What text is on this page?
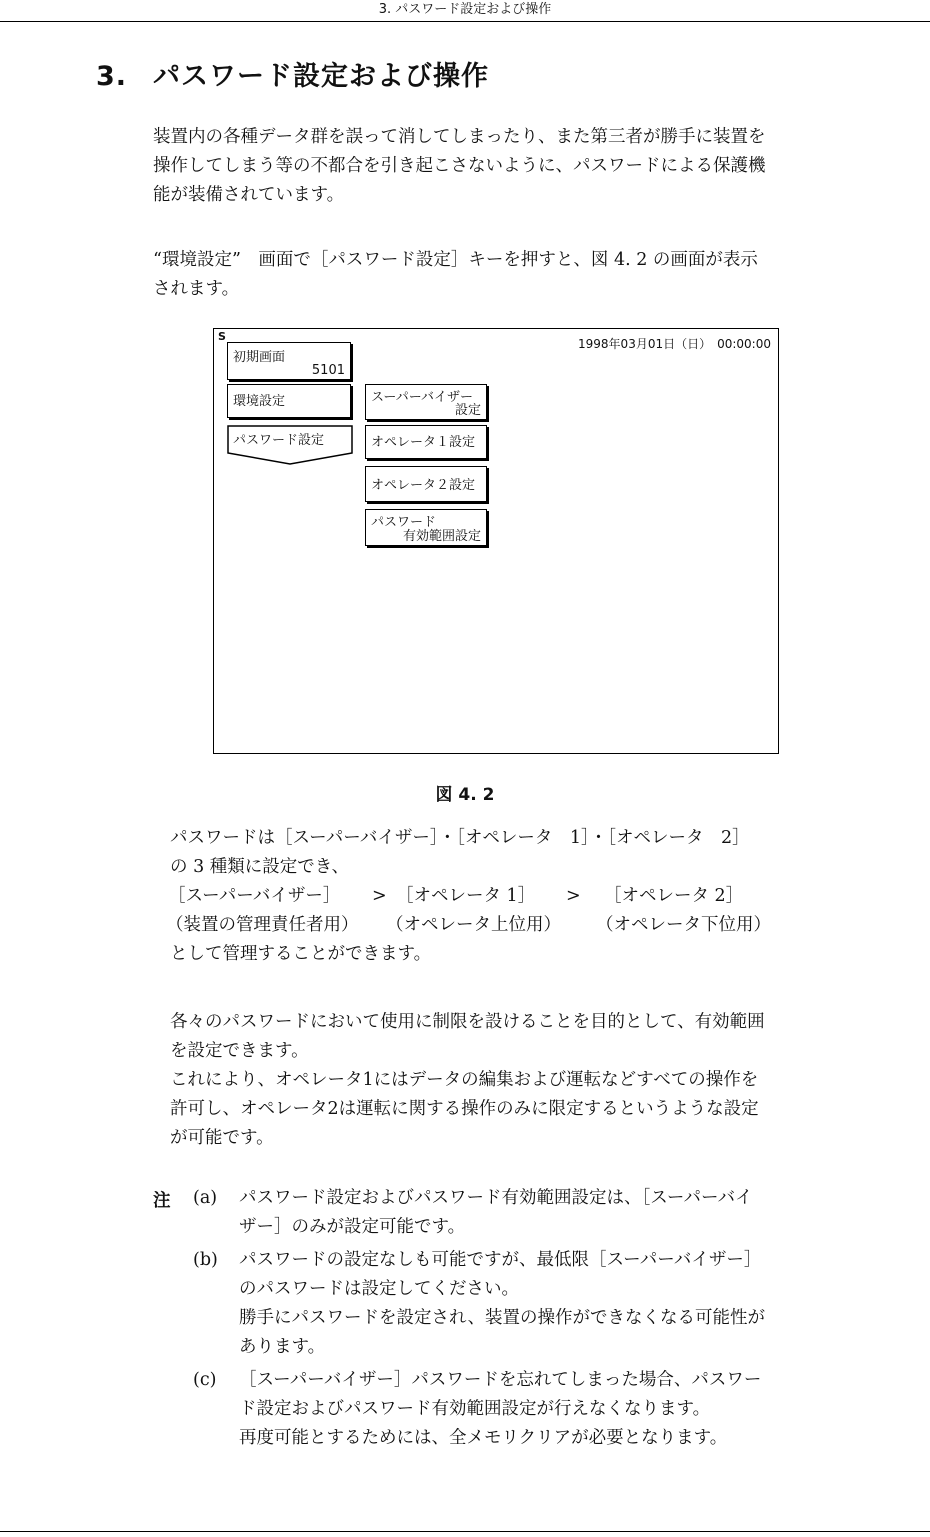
3. パスワード設定および操作
3. パスワード設定および操作

装置内の各種データ群を誤って消してしまったり、また第三者が勝手に装置を

操作してしまう等の不都合を引き起こさないように、パスワードによる保護機

能が装備されています。

“環境設定”　画面で［パスワード設定］キーを押すと、図 4. 2 の画面が表示

されます。

S
1998年03月01日（日）　00:00:00
初期画面
5101
環境設定
パスワード設定
スーパーバイザー
設定
オペレータ１設定
オペレータ２設定
パスワード
有効範囲設定
図 4. 2

パスワードは［スーパーバイザー］・［オペレータ　1］・［オペレータ　2］

の 3 種類に設定でき、

［スーパーバイザー］ > ［オペレータ 1］ > ［オペレータ 2］
（装置の管理責任者用） （オペレータ上位用） （オペレータ下位用）
として管理することができます。

各々のパスワードにおいて使用に制限を設けることを目的として、有効範囲

を設定できます。

これにより、オペレータ1にはデータの編集および運転などすべての操作を

許可し、オペレータ2は運転に関する操作のみに限定するというような設定

が可能です。

注 (a) パスワード設定およびパスワード有効範囲設定は、［スーパーバイ

ザー］のみが設定可能です。

(b) パスワードの設定なしも可能ですが、最低限［スーパーバイザー］

のパスワードは設定してください。

勝手にパスワードを設定され、装置の操作ができなくなる可能性が

あります。

(c) ［スーパーバイザー］パスワードを忘れてしまった場合、パスワー

ド設定およびパスワード有効範囲設定が行えなくなります。

再度可能とするためには、全メモリクリアが必要となります。
